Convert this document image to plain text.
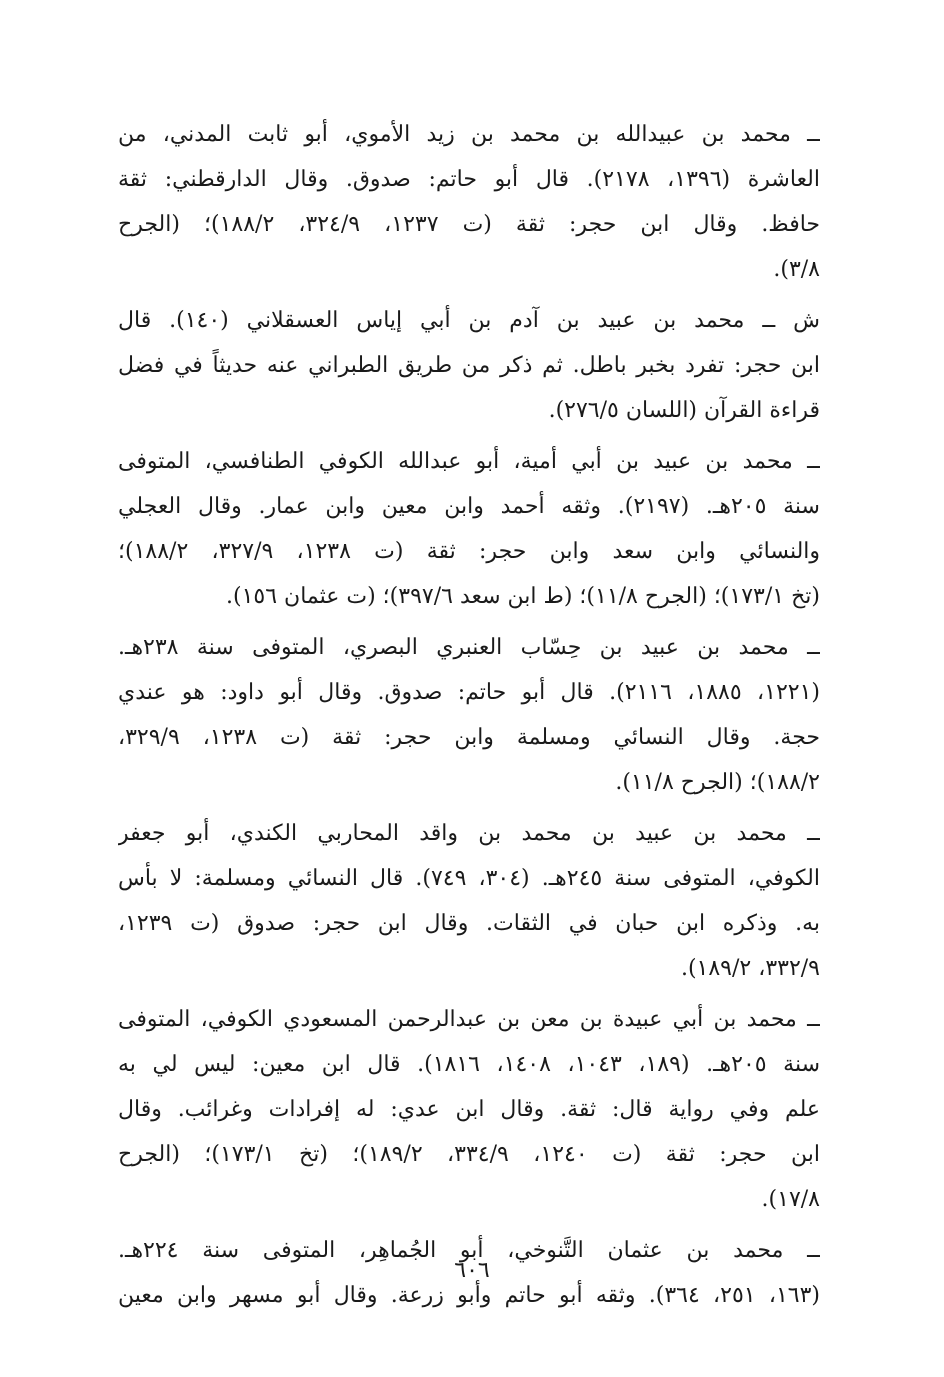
ــ محمد بن عبيدالله بن محمد بن زيد الأموي، أبو ثابت المدني، من
العاشرة (١٣٩٦، ٢١٧٨). قال أبو حاتم: صدوق. وقال الدارقطني: ثقة
حافظ. وقال ابن حجر: ثقة (ت ١٢٣٧، ٣٢٤/٩، ١٨٨/٢)؛ (الجرح
٣/٨).
ش ــ محمد بن عبيد بن آدم بن أبي إياس العسقلاني (١٤٠). قال
ابن حجر: تفرد بخبر باطل. ثم ذكر من طريق الطبراني عنه حديثاً في فضل
قراءة القرآن (اللسان ٢٧٦/٥).
ــ محمد بن عبيد بن أبي أمية، أبو عبدالله الكوفي الطنافسي، المتوفى
سنة ٢٠٥هـ. (٢١٩٧). وثقه أحمد وابن معين وابن عمار. وقال العجلي
والنسائي وابن سعد وابن حجر: ثقة (ت ١٢٣٨، ٣٢٧/٩، ١٨٨/٢)؛
(تخ ١٧٣/١)؛ (الجرح ١١/٨)؛ (ط ابن سعد ٣٩٧/٦)؛ (ت عثمان ١٥٦).
ــ محمد بن عبيد بن حِسّاب العنبري البصري، المتوفى سنة ٢٣٨هـ.
(١٢٢١، ١٨٨٥، ٢١١٦). قال أبو حاتم: صدوق. وقال أبو داود: هو عندي
حجة. وقال النسائي ومسلمة وابن حجر: ثقة (ت ١٢٣٨، ٣٢٩/٩،
١٨٨/٢)؛ (الجرح ١١/٨).
ــ محمد بن عبيد بن محمد بن واقد المحاربي الكندي، أبو جعفر
الكوفي، المتوفى سنة ٢٤٥هـ. (٣٠٤، ٧٤٩). قال النسائي ومسلمة: لا بأس
به. وذكره ابن حبان في الثقات. وقال ابن حجر: صدوق (ت ١٢٣٩،
٣٣٢/٩، ١٨٩/٢).
ــ محمد بن أبي عبيدة بن معن بن عبدالرحمن المسعودي الكوفي، المتوفى
سنة ٢٠٥هـ. (١٨٩، ١٠٤٣، ١٤٠٨، ١٨١٦). قال ابن معين: ليس لي به
علم وفي رواية قال: ثقة. وقال ابن عدي: له إفرادات وغرائب. وقال
ابن حجر: ثقة (ت ١٢٤٠، ٣٣٤/٩، ١٨٩/٢)؛ (تخ ١٧٣/١)؛ (الجرح
١٧/٨).
ــ محمد بن عثمان التَّنوخي، أبو الجُماهِر، المتوفى سنة ٢٢٤هـ.
(١٦٣، ٢٥١، ٣٦٤). وثقه أبو حاتم وأبو زرعة. وقال أبو مسهر وابن معين
٦٠٦
